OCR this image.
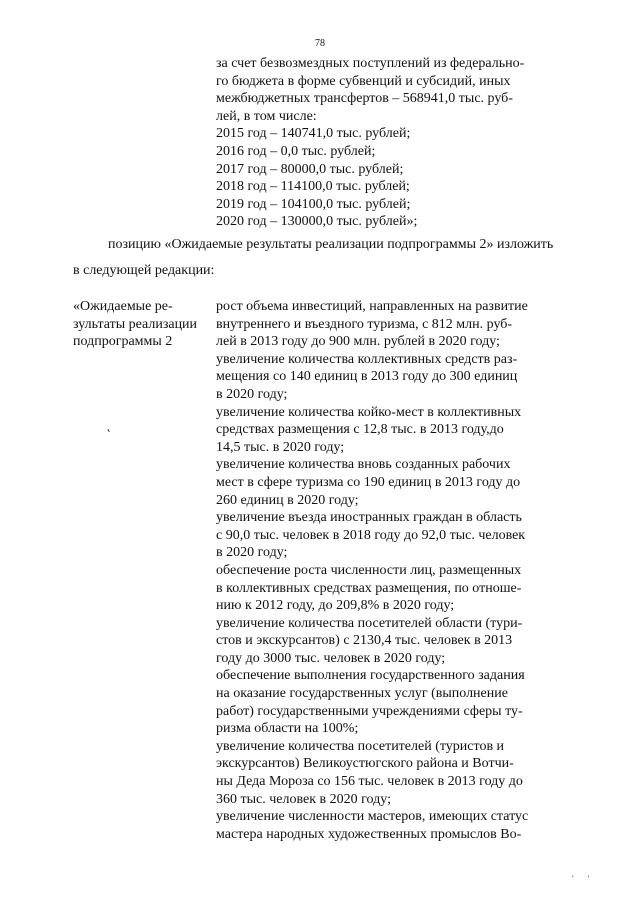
78
за счет безвозмездных поступлений из федерально-
го бюджета в форме субвенций и субсидий, иных
межбюджетных трансфертов – 568941,0 тыс. руб-
лей, в том числе:
2015 год – 140741,0 тыс. рублей;
2016 год – 0,0 тыс. рублей;
2017 год – 80000,0 тыс. рублей;
2018 год – 114100,0 тыс. рублей;
2019 год – 104100,0 тыс. рублей;
2020 год – 130000,0 тыс. рублей»;
позицию «Ожидаемые результаты реализации подпрограммы 2» изложить
в следующей редакции:
«Ожидаемые ре-
зультаты реализации
подпрограммы 2
˛
рост объема инвестиций, направленных на развитие
внутреннего и въездного туризма, с 812 млн. руб-
лей в 2013 году до 900 млн. рублей в 2020 году;
увеличение количества коллективных средств раз-
мещения со 140 единиц в 2013 году до 300 единиц
в 2020 году;
увеличение количества койко-мест в коллективных
средствах размещения с 12,8 тыс. в 2013 году,до
14,5 тыс. в 2020 году;
увеличение количества вновь созданных рабочих
мест в сфере туризма со 190 единиц в 2013 году до
260 единиц в 2020 году;
увеличение въезда иностранных граждан в область
с 90,0 тыс. человек в 2018 году до 92,0 тыс. человек
в 2020 году;
обеспечение роста численности лиц, размещенных
в коллективных средствах размещения, по отноше-
нию к 2012 году, до 209,8% в 2020 году;
увеличение количества посетителей области (тури-
стов и экскурсантов) с 2130,4 тыс. человек в 2013
году до 3000 тыс. человек в 2020 году;
обеспечение выполнения государственного задания
на оказание государственных услуг (выполнение
работ) государственными учреждениями сферы ту-
ризма области на 100%;
увеличение количества посетителей (туристов и
экскурсантов) Великоустюгского района и Вотчи-
ны Деда Мороза со 156 тыс. человек в 2013 году до
360 тыс. человек в 2020 году;
увеличение численности мастеров, имеющих статус
мастера народных художественных промыслов Во-
' '
